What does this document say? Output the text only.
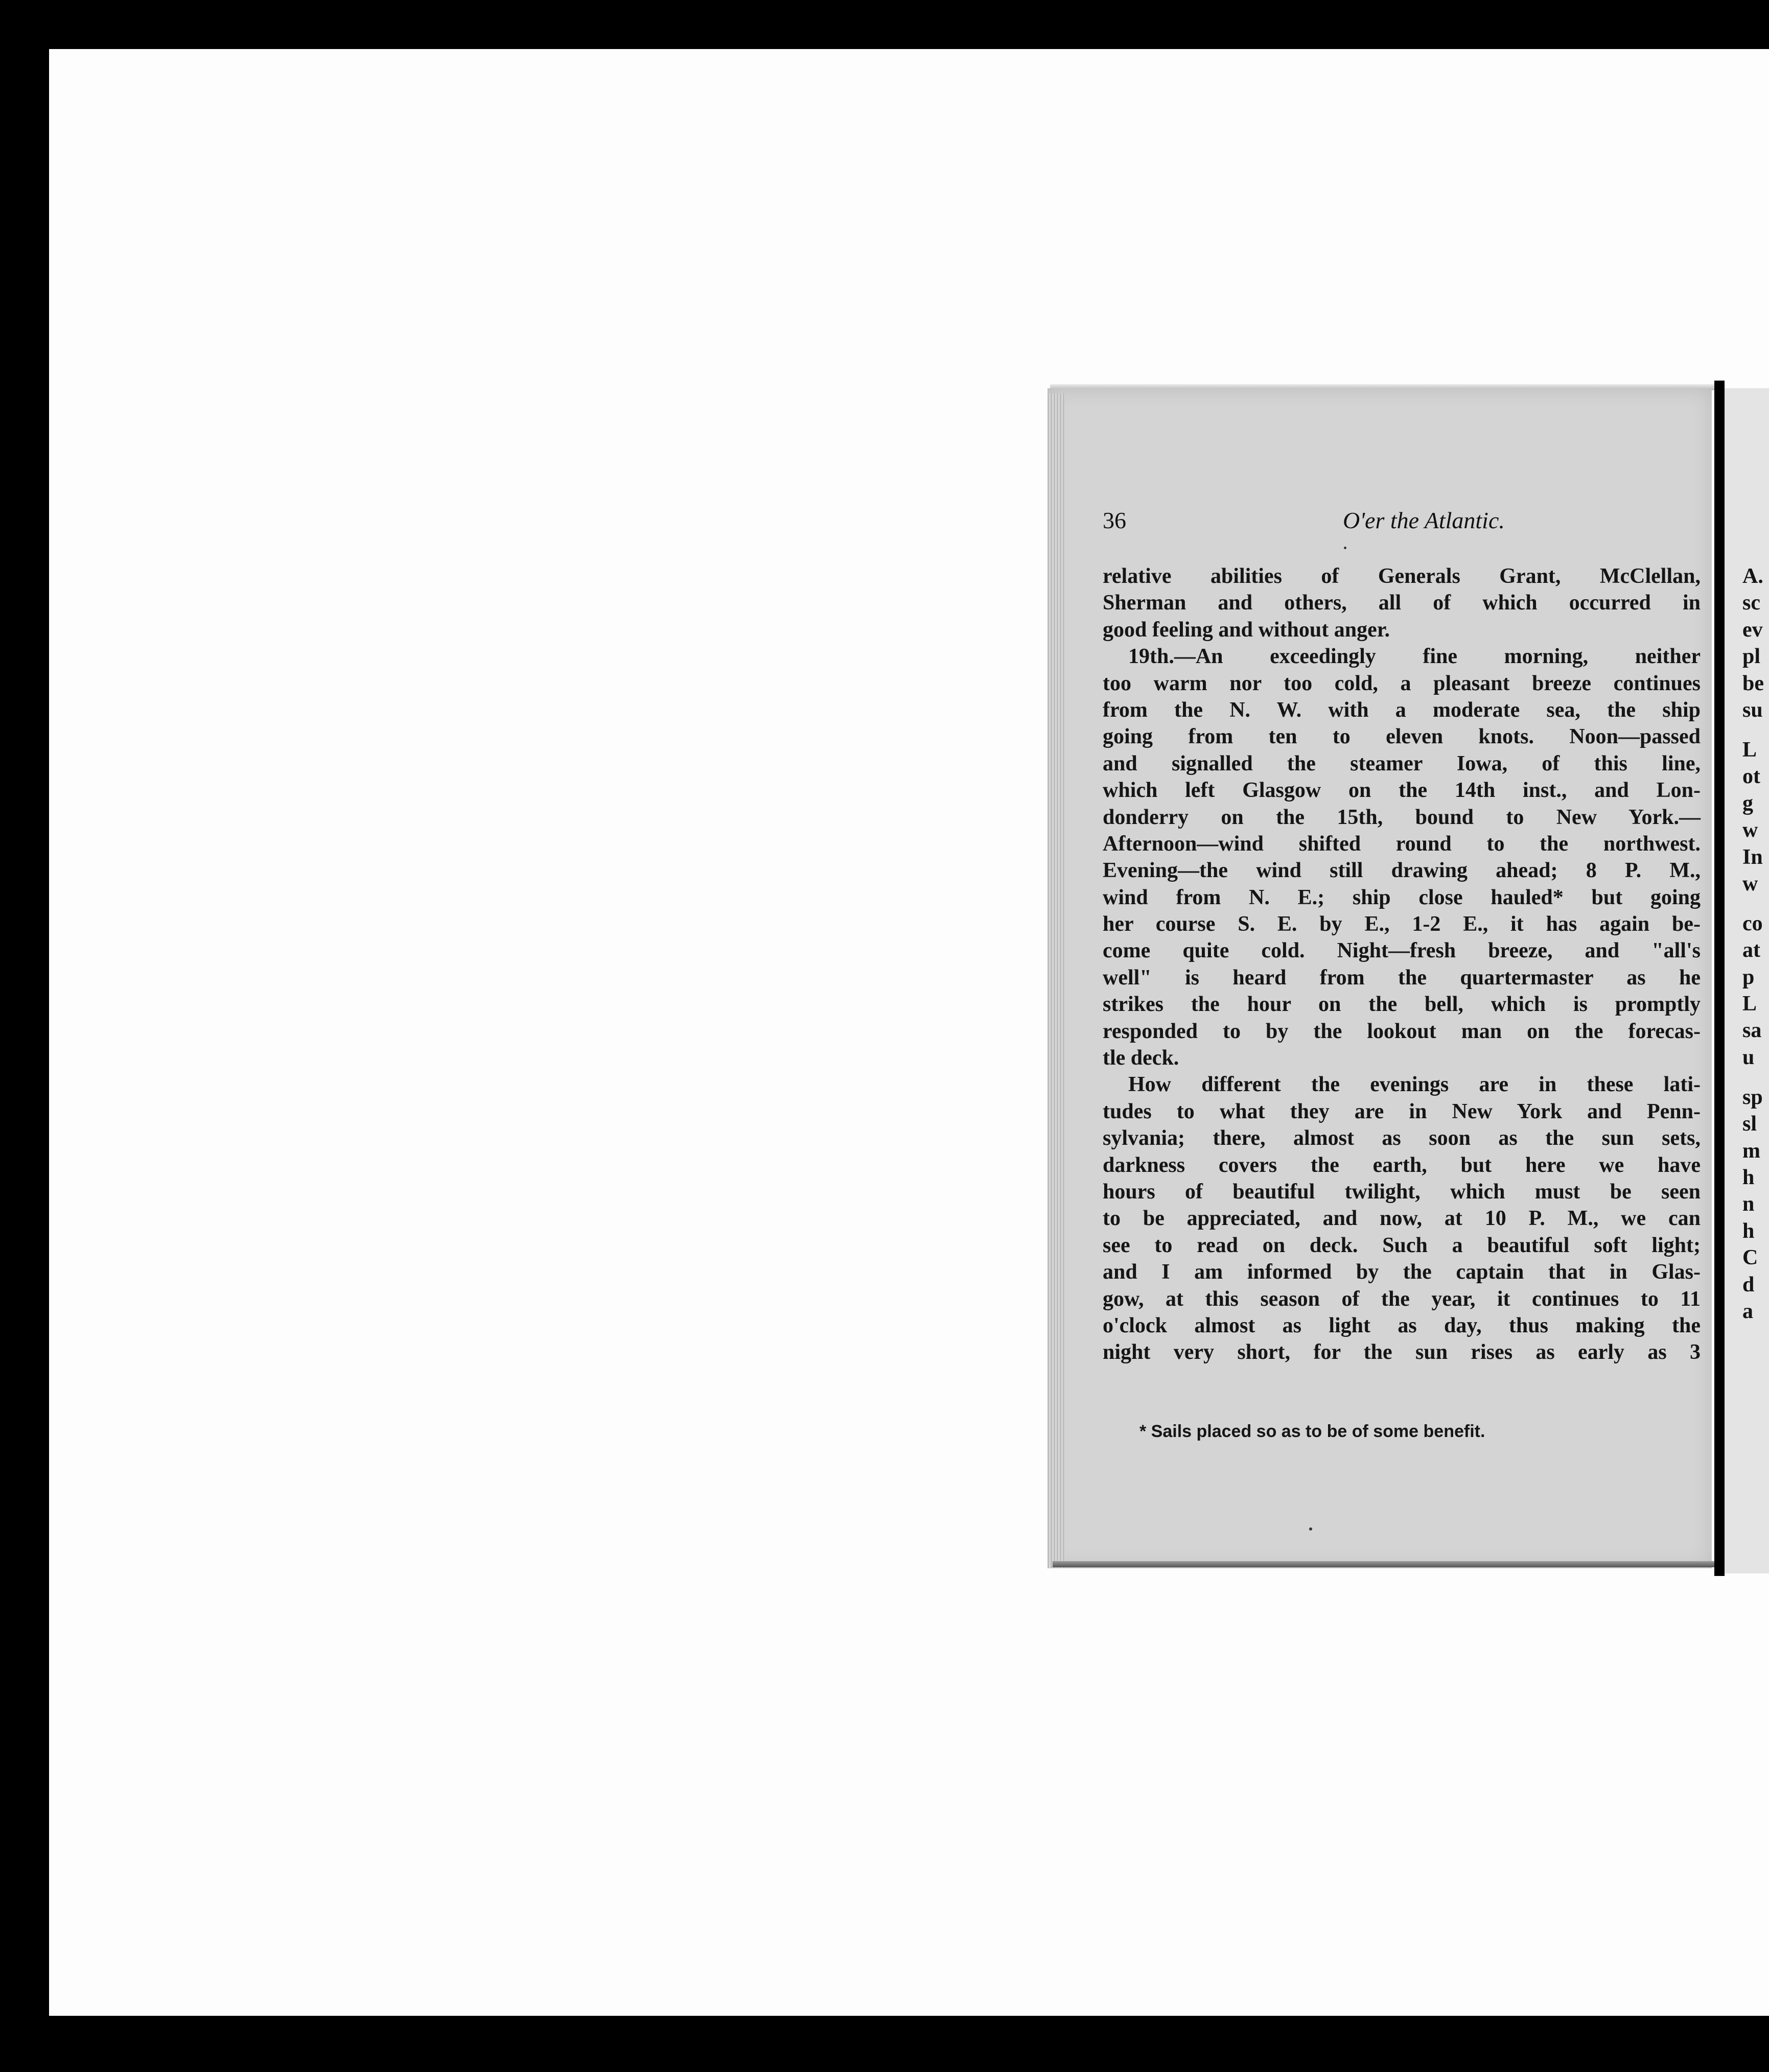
36	O'er the Atlantic.
relative abilities of Generals Grant, McClellan,
Sherman and others, all of which occurred in
good feeling and without anger.
19th.—An exceedingly fine morning, neither
too warm nor too cold, a pleasant breeze continues
from the N. W. with a moderate sea, the ship
going from ten to eleven knots. Noon—passed
and signalled the steamer Iowa, of this line,
which left Glasgow on the 14th inst., and Lon-
donderry on the 15th, bound to New York.—
Afternoon—wind shifted round to the northwest.
Evening—the wind still drawing ahead; 8 P. M.,
wind from N. E.; ship close hauled* but going
her course S. E. by E., 1-2 E., it has again be-
come quite cold. Night—fresh breeze, and "all's
well" is heard from the quartermaster as he
strikes the hour on the bell, which is promptly
responded to by the lookout man on the forecas-
tle deck.
How different the evenings are in these lati-
tudes to what they are in New York and Penn-
sylvania; there, almost as soon as the sun sets,
darkness covers the earth, but here we have
hours of beautiful twilight, which must be seen
to be appreciated, and now, at 10 P. M., we can
see to read on deck. Such a beautiful soft light;
and I am informed by the captain that in Glas-
gow, at this season of the year, it continues to 11
o'clock almost as light as day, thus making the
night very short, for the sun rises as early as 3
* Sails placed so as to be of some benefit.
A.
sc
ev
pl
be
su
L
ot
g
w
In
w
co
at
p
L
sa
u
sp
sl
m
h
n
h
C
d
a
